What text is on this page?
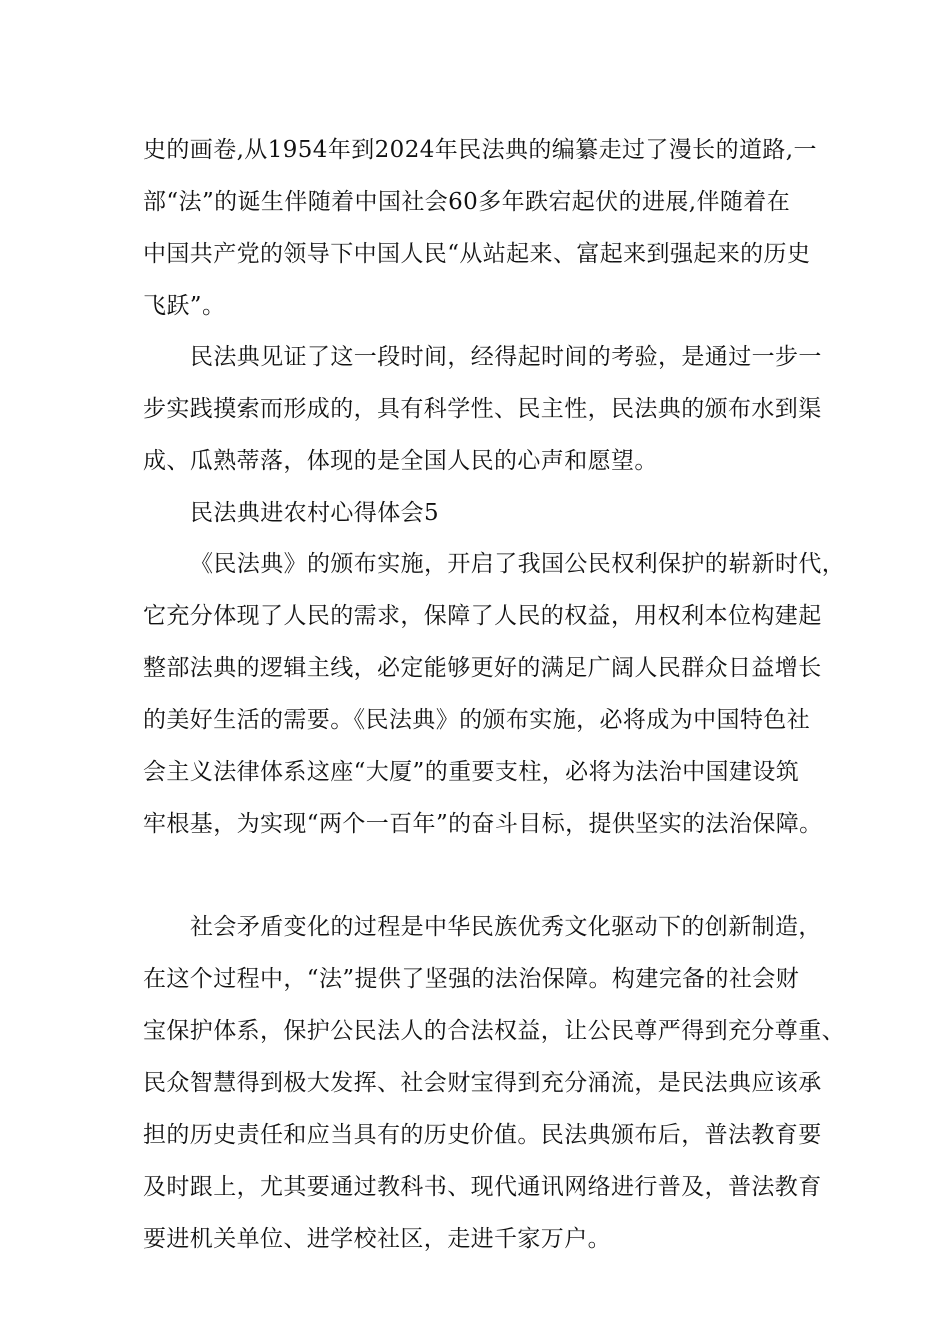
史的画卷,从1954年到2024年民法典的编纂走过了漫长的道路,一
部“法”的诞生伴随着中国社会60多年跌宕起伏的进展,伴随着在
中国共产党的领导下中国人民“从站起来、富起来到强起来的历史
飞跃”。
民法典见证了这一段时间，经得起时间的考验，是通过一步一
步实践摸索而形成的，具有科学性、民主性，民法典的颁布水到渠
成、瓜熟蒂落，体现的是全国人民的心声和愿望。
民法典进农村心得体会5
《民法典》的颁布实施，开启了我国公民权利保护的崭新时代，
它充分体现了人民的需求，保障了人民的权益，用权利本位构建起
整部法典的逻辑主线，必定能够更好的满足广阔人民群众日益增长
的美好生活的需要。《民法典》的颁布实施，必将成为中国特色社
会主义法律体系这座“大厦”的重要支柱，必将为法治中国建设筑
牢根基，为实现“两个一百年”的奋斗目标，提供坚实的法治保障。
社会矛盾变化的过程是中华民族优秀文化驱动下的创新制造，
在这个过程中，“法”提供了坚强的法治保障。构建完备的社会财
宝保护体系，保护公民法人的合法权益，让公民尊严得到充分尊重、
民众智慧得到极大发挥、社会财宝得到充分涌流，是民法典应该承
担的历史责任和应当具有的历史价值。民法典颁布后，普法教育要
及时跟上，尤其要通过教科书、现代通讯网络进行普及，普法教育
要进机关单位、进学校社区，走进千家万户。
